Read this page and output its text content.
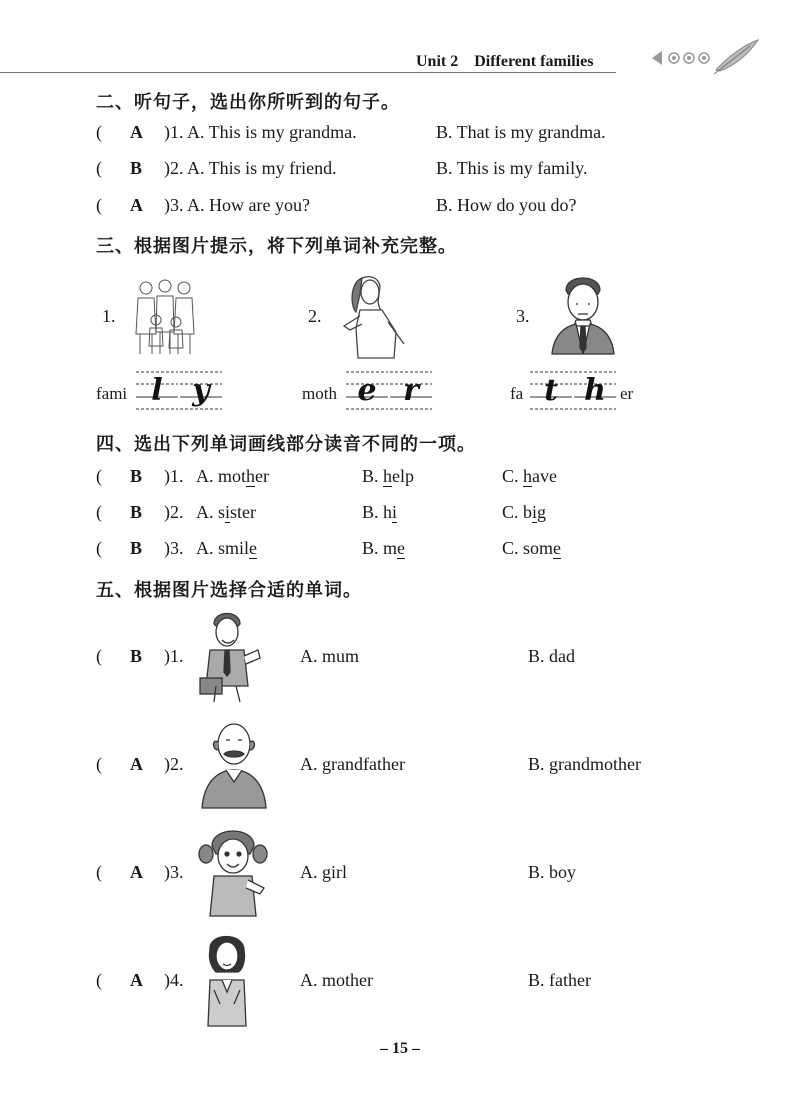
Unit 2　Different families
二、听句子，选出你所听到的句子。
( A )1. A. This is my grandma.	B. That is my grandma.
( B )2. A. This is my friend.	B. This is my family.
( A )3. A. How are you?	B. How do you do?
三、根据图片提示，将下列单词补充完整。
1.
fami l y
2.
moth e r
3.
fa t h er
四、选出下列单词画线部分读音不同的一项。
( B )1. A. mother	B. help	C. have
( B )2. A. sister	B. hi	C. big
( B )3. A. smile	B. me	C. some
五、根据图片选择合适的单词。
( B )1.	A. mum	B. dad
( A )2.	A. grandfather	B. grandmother
( A )3.	A. girl	B. boy
( A )4.	A. mother	B. father
– 15 –
